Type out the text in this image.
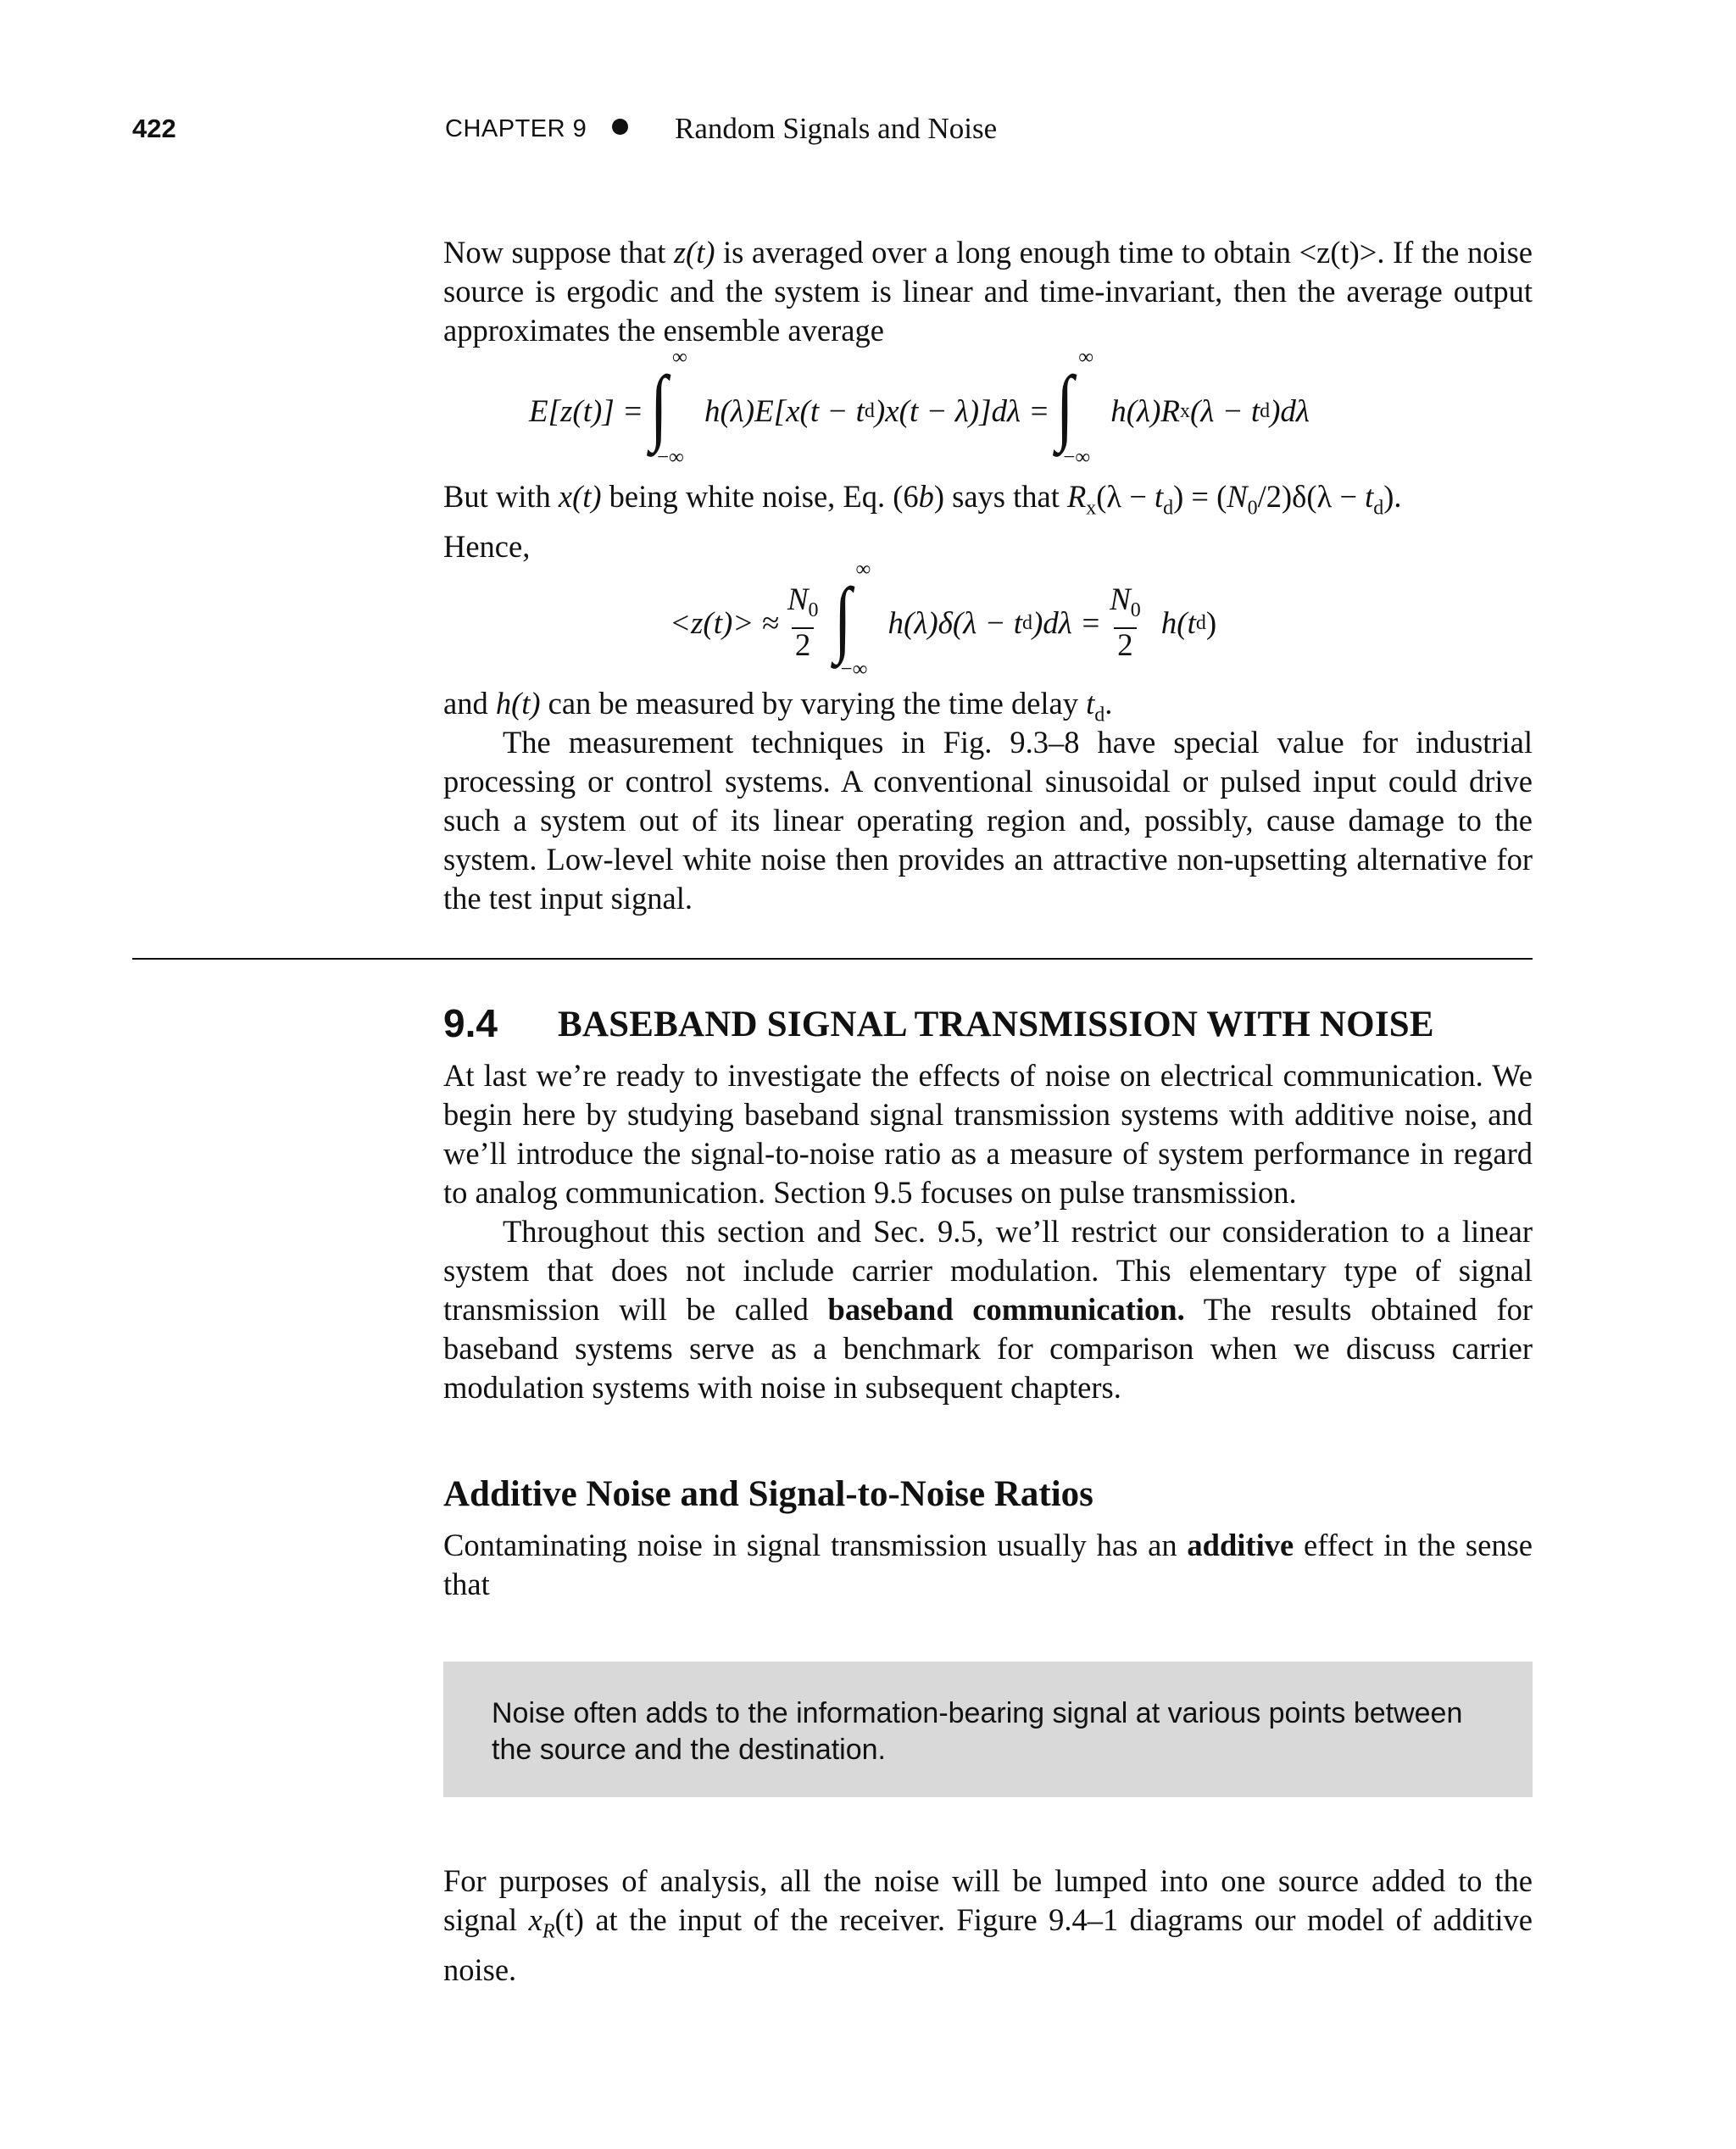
422	CHAPTER 9	Random Signals and Noise
Now suppose that z(t) is averaged over a long enough time to obtain <z(t)>. If the noise source is ergodic and the system is linear and time-invariant, then the average output approximates the ensemble average
E[z(t)] = ∫
∞
−∞
h(λ)E[x(t − t d )x(t − λ)]dλ = ∫
∞
−∞
h(λ)R x (λ − t d )dλ
But with x(t) being white noise, Eq. (6b) says that $R_x(\lambda - t_d) = (N_0/2)\delta(\lambda - t_d)$.
Hence,
$<z(t)> \approx \frac{N_0}{2}$ ∫
∞
−∞
h(λ)δ(λ − t d )$d\lambda = \frac{N_0}{2} h(t$ d )
and h(t) can be measured by varying the time delay $t_d$.
The measurement techniques in Fig. 9.3–8 have special value for industrial processing or control systems. A conventional sinusoidal or pulsed input could drive such a system out of its linear operating region and, possibly, cause damage to the system. Low-level white noise then provides an attractive non-upsetting alternative for the test input signal.
9.4 BASEBAND SIGNAL TRANSMISSION WITH NOISE
At last we’re ready to investigate the effects of noise on electrical communication. We begin here by studying baseband signal transmission systems with additive noise, and we’ll introduce the signal-to-noise ratio as a measure of system performance in regard to analog communication. Section 9.5 focuses on pulse transmission.
Throughout this section and Sec. 9.5, we’ll restrict our consideration to a linear system that does not include carrier modulation. This elementary type of signal transmission will be called baseband communication. The results obtained for baseband systems serve as a benchmark for comparison when we discuss carrier modulation systems with noise in subsequent chapters.
Additive Noise and Signal-to-Noise Ratios
Contaminating noise in signal transmission usually has an additive effect in the sense that
Noise often adds to the information-bearing signal at various points between the source and the destination.
For purposes of analysis, all the noise will be lumped into one source added to the signal $x_R(t)$ at the input of the receiver. Figure 9.4–1 diagrams our model of additive noise.
